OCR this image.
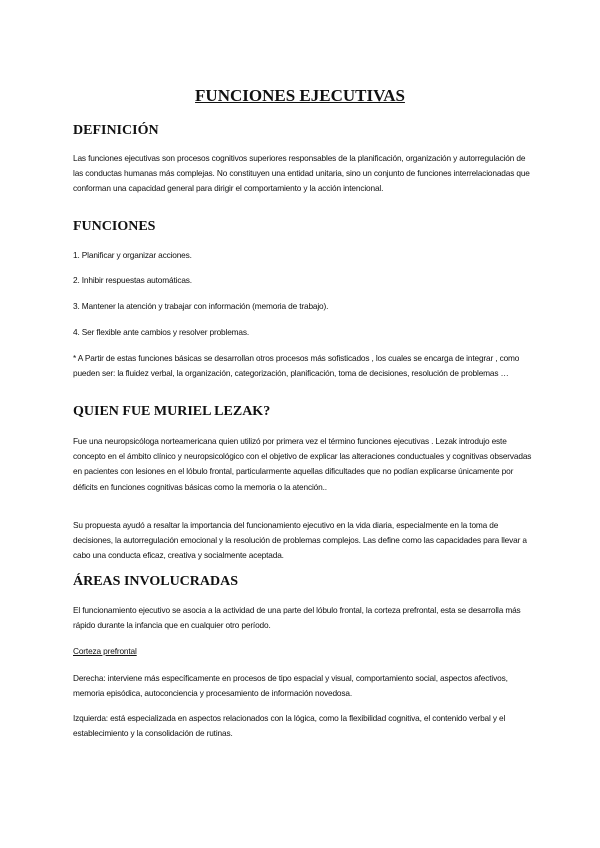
FUNCIONES EJECUTIVAS
DEFINICIÓN

Las funciones ejecutivas son procesos cognitivos superiores responsables de la planificación, organización y autorregulación de las conductas humanas más complejas. No constituyen una entidad unitaria, sino un conjunto de funciones interrelacionadas que conforman una capacidad general para dirigir el comportamiento y la acción intencional.

FUNCIONES

1. Planificar y organizar acciones.

2. Inhibir respuestas automáticas.

3. Mantener la atención y trabajar con información (memoria de trabajo).

4. Ser flexible ante cambios y resolver problemas.

* A Partir de estas funciones básicas se desarrollan otros procesos más sofisticados , los cuales se encarga de integrar , como pueden ser: la fluidez verbal, la organización, categorización, planificación, toma de decisiones, resolución de problemas …

QUIEN FUE MURIEL LEZAK?

Fue una neuropsicóloga norteamericana quien utilizó por primera vez el término funciones ejecutivas . Lezak introdujo este concepto en el ámbito clínico y neuropsicológico con el objetivo de explicar las alteraciones conductuales y cognitivas observadas en pacientes con lesiones en el lóbulo frontal, particularmente aquellas dificultades que no podían explicarse únicamente por déficits en funciones cognitivas básicas como la memoria o la atención..

Su propuesta ayudó a resaltar la importancia del funcionamiento ejecutivo en la vida diaria, especialmente en la toma de decisiones, la autorregulación emocional y la resolución de problemas complejos. Las define como las capacidades para llevar a cabo una conducta eficaz, creativa y socialmente aceptada.

ÁREAS INVOLUCRADAS

El funcionamiento ejecutivo se asocia a la actividad de una parte del lóbulo frontal, la corteza prefrontal, esta se desarrolla más rápido durante la infancia que en cualquier otro período.

Corteza prefrontal

Derecha: interviene más específicamente en procesos de tipo espacial y visual, comportamiento social, aspectos afectivos, memoria episódica, autoconciencia y procesamiento de información novedosa.

Izquierda: está especializada en aspectos relacionados con la lógica, como la flexibilidad cognitiva, el contenido verbal y el establecimiento y la consolidación de rutinas.
